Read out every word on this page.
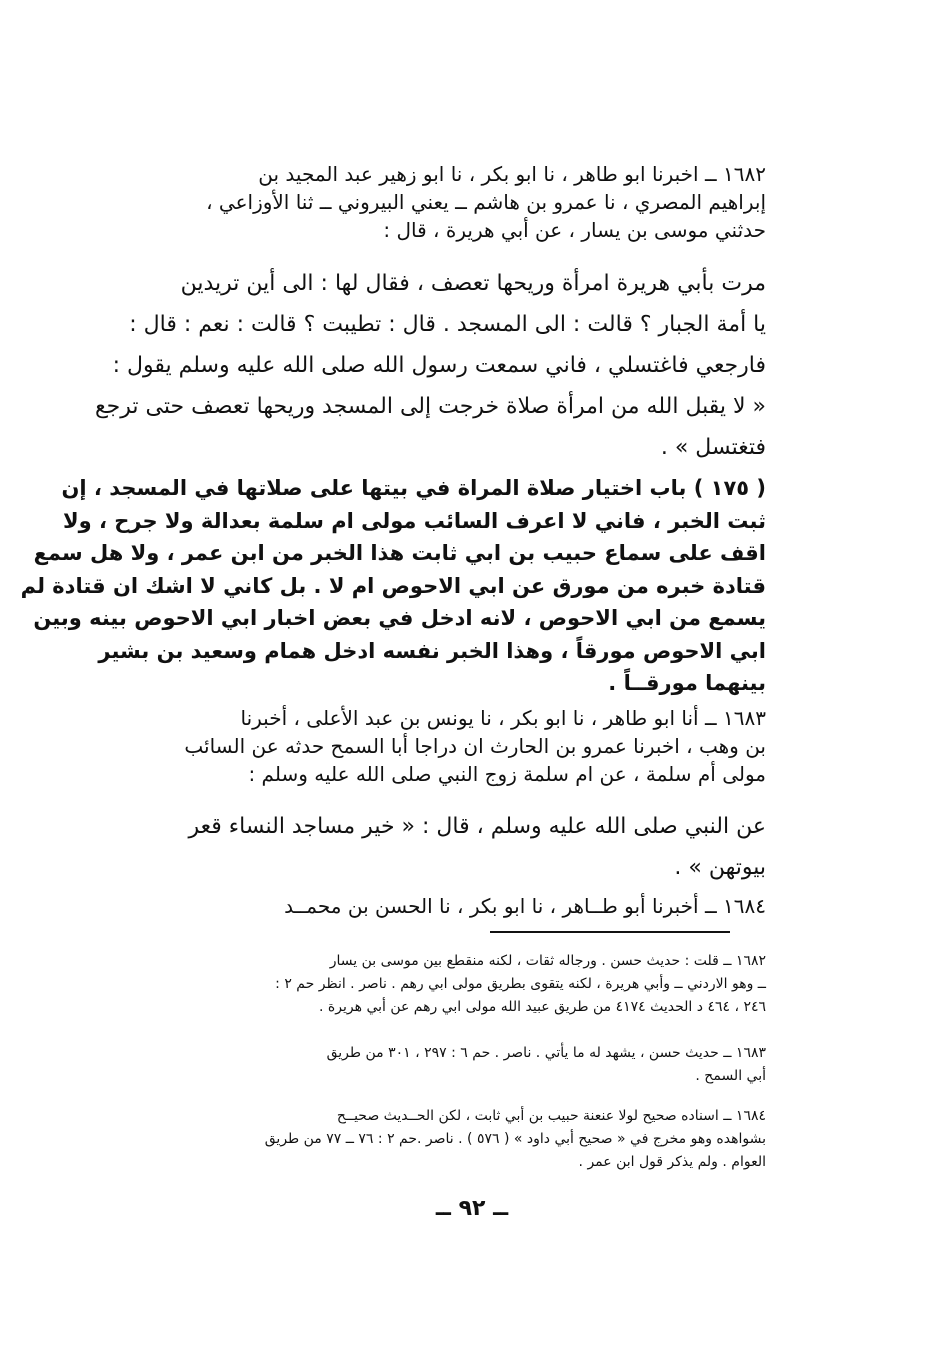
١٦٨٢ ــ اخبرنا ابو طاهر ، نا ابو بكر ، نا ابو زهير عبد المجيد بن
إبراهيم المصري ، نا عمرو بن هاشم ــ يعني البيروني ــ ثنا الأوزاعي ،
حدثني موسى بن يسار ، عن أبي هريرة ، قال :
مرت بأبي هريرة امرأة وريحها تعصف ، فقال لها : الى أين تريدين
يا أمة الجبار ؟ قالت : الى المسجد . قال : تطيبت ؟ قالت : نعم : قال :
فارجعي فاغتسلي ، فاني سمعت رسول الله صلى الله عليه وسلم يقول :
« لا يقبل الله من امرأة صلاة خرجت إلى المسجد وريحها تعصف حتى ترجع
فتغتسل » .
( ١٧٥ ) باب اختيار صلاة المراة في بيتها على صلاتها في المسجد ، إن
ثبت الخبر ، فاني لا اعرف السائب مولى ام سلمة بعدالة ولا جرح ، ولا
اقف على سماع حبيب بن ابي ثابت هذا الخبر من ابن عمر ، ولا هل سمع
قتادة خبره من مورق عن ابي الاحوص ام لا . بل كاني لا اشك ان قتادة لم
يسمع من ابي الاحوص ، لانه ادخل في بعض اخبار ابي الاحوص بينه وبين
ابي الاحوص مورقاً ، وهذا الخبر نفسه ادخل همام وسعيد بن بشير
بينهما مورقــاً .
١٦٨٣ ــ أنا ابو طاهر ، نا ابو بكر ، نا يونس بن عبد الأعلى ، أخبرنا
بن وهب ، اخبرنا عمرو بن الحارث ان دراجا أبا السمح حدثه عن السائب
مولى أم سلمة ، عن ام سلمة زوج النبي صلى الله عليه وسلم :
عن النبي صلى الله عليه وسلم ، قال : « خير مساجد النساء قعر
بيوتهن » .
١٦٨٤ ــ أخبرنا أبو طــاهر ، نا ابو بكر ، نا الحسن بن محمــد
١٦٨٢ ــ قلت : حديث حسن . ورجاله ثقات ، لكنه منقطع بين موسى بن يسار
ــ وهو الاردني ــ وأبي هريرة ، لكنه يتقوى بطريق مولى ابي رهم . ناصر . انظر حم ٢ :
٢٤٦ ، ٤٦٤ د الحديث ٤١٧٤ من طريق عبيد الله مولى ابي رهم عن أبي هريرة .
١٦٨٣ ــ حديث حسن ، يشهد له ما يأتي . ناصر . حم ٦ : ٢٩٧ ، ٣٠١ من طريق
أبي السمح .
١٦٨٤ ــ اسناده صحيح لولا عنعنة حبيب بن أبي ثابت ، لكن الحــديث صحيــح
بشواهده وهو مخرج في « صحيح أبي داود » ( ٥٧٦ ) . ناصر .حم ٢ : ٧٦ ــ ٧٧ من طريق
العوام . ولم يذكر قول ابن عمر .
ــ ٩٢ ــ
